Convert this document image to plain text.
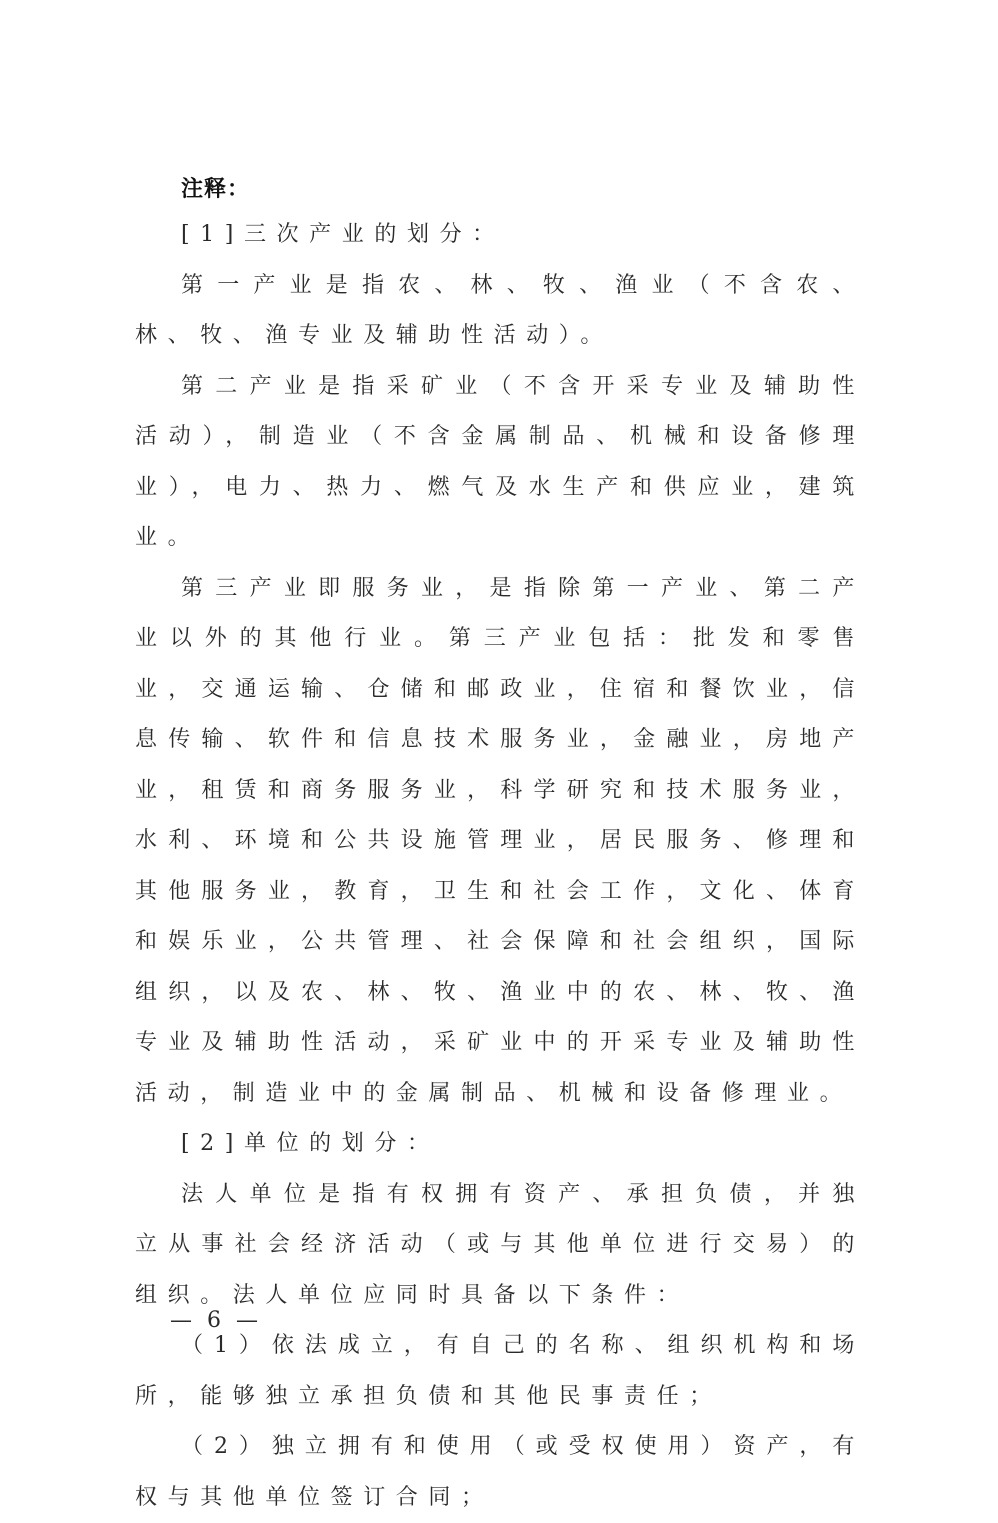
注释：

[1]三次产业的划分：

第一产业是指农、林、牧、渔业（不含农、林、牧、渔专业及辅助性活动）。

第二产业是指采矿业（不含开采专业及辅助性活动），制造业（不含金属制品、机械和设备修理业），电力、热力、燃气及水生产和供应业，建筑业。

第三产业即服务业，是指除第一产业、第二产业以外的其他行业。第三产业包括：批发和零售业，交通运输、仓储和邮政业，住宿和餐饮业，信息传输、软件和信息技术服务业，金融业，房地产业，租赁和商务服务业，科学研究和技术服务业，水利、环境和公共设施管理业，居民服务、修理和其他服务业，教育，卫生和社会工作，文化、体育和娱乐业，公共管理、社会保障和社会组织，国际组织，以及农、林、牧、渔业中的农、林、牧、渔专业及辅助性活动，采矿业中的开采专业及辅助性活动，制造业中的金属制品、机械和设备修理业。

[2]单位的划分：

法人单位是指有权拥有资产、承担负债，并独立从事社会经济活动（或与其他单位进行交易）的组织。法人单位应同时具备以下条件：

（1）依法成立，有自己的名称、组织机构和场所，能够独立承担负债和其他民事责任；

（2）独立拥有和使用（或受权使用）资产，有权与其他单位签订合同；

— 6 —
